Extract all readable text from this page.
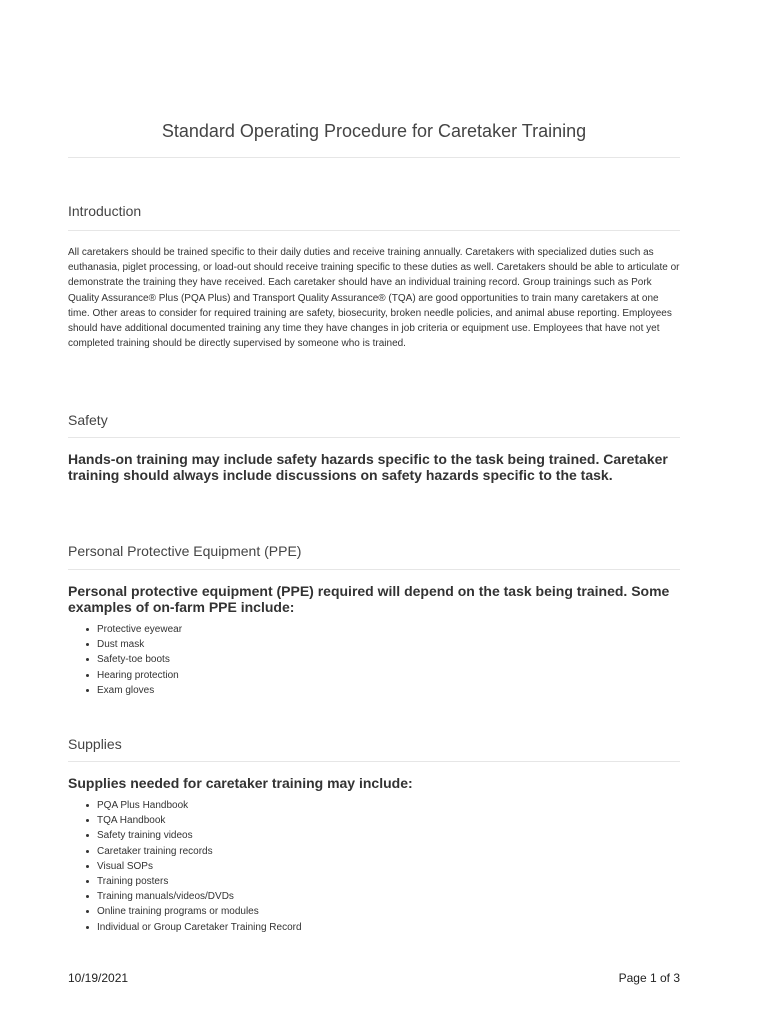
Standard Operating Procedure for Caretaker Training
Introduction

All caretakers should be trained specific to their daily duties and receive training annually. Caretakers with specialized duties such as euthanasia, piglet processing, or load-out should receive training specific to these duties as well. Caretakers should be able to articulate or demonstrate the training they have received. Each caretaker should have an individual training record. Group trainings such as Pork Quality Assurance® Plus (PQA Plus) and Transport Quality Assurance® (TQA) are good opportunities to train many caretakers at one time. Other areas to consider for required training are safety, biosecurity, broken needle policies, and animal abuse reporting. Employees should have additional documented training any time they have changes in job criteria or equipment use. Employees that have not yet completed training should be directly supervised by someone who is trained.

Safety

Hands-on training may include safety hazards specific to the task being trained. Caretaker training should always include discussions on safety hazards specific to the task.

Personal Protective Equipment (PPE)

Personal protective equipment (PPE) required will depend on the task being trained. Some examples of on-farm PPE include:

Protective eyewear
Dust mask
Safety-toe boots
Hearing protection
Exam gloves
Supplies

Supplies needed for caretaker training may include:

PQA Plus Handbook
TQA Handbook
Safety training videos
Caretaker training records
Visual SOPs
Training posters
Training manuals/videos/DVDs
Online training programs or modules
Individual or Group Caretaker Training Record
10/19/2021	Page 1 of 3
